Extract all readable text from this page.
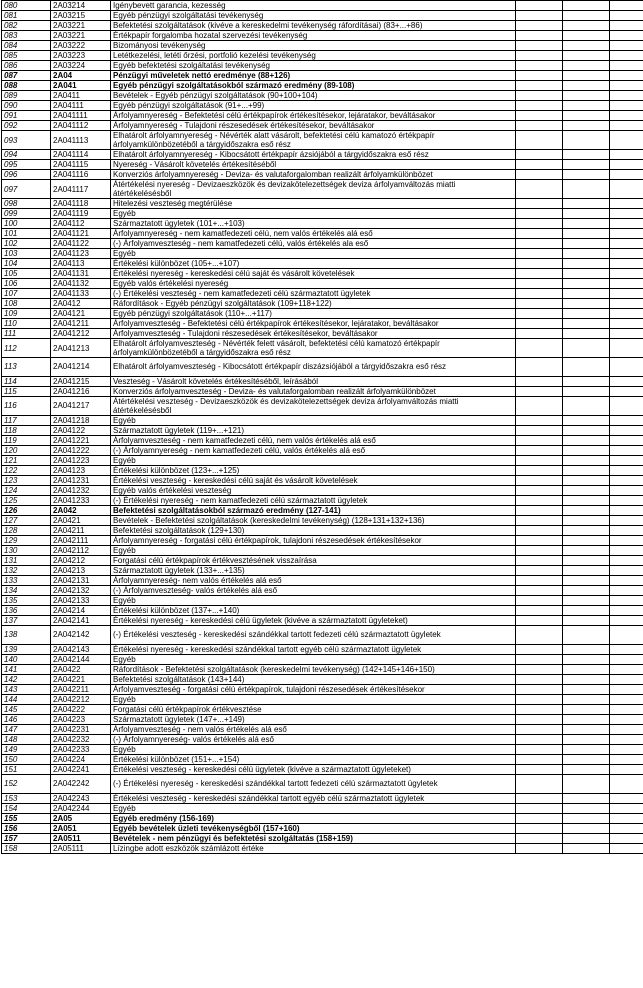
080	2A03214	Igénybevett garancia, kezesség			
081	2A03215	Egyéb pénzügyi szolgáltatási tevékenység			
082	2A03221	Befektetési szolgáltatások (kivéve a kereskedelmi tevékenység ráfordításai) (83+...+86)			
083	2A03221	Értékpapír forgalomba hozatal szervezési tevékenység			
084	2A03222	Bizományosi tevékenység			
085	2A03223	Letétkezelési, letéti őrzési, portfolió kezelési tevékenység			
086	2A03224	Egyéb befektetési szolgáltatási tevékenység			
087	2A04	Pénzügyi műveletek nettó eredménye (88+126)			
088	2A041	Egyéb pénzügyi szolgáltatásokból származó eredmény (89-108)			
089	2A0411	Bevételek - Egyéb pénzügyi szolgáltatások (90+100+104)			
090	2A04111	Egyéb pénzügyi szolgáltatások (91+...+99)			
091	2A041111	Árfolyamnyereség - Befektetési célú értékpapírok értékesítésekor, lejáratakor, beváltásakor			
092	2A041112	Árfolyamnyereség - Tulajdoni részesedések értékesítésekor, beváltásakor			
093	2A041113	Elhatárolt árfolyamnyereség - Névérték alatt vásárolt, befektetési célú kamatozó értékpapír árfolyamkülönbözetéből a tárgyidőszakra eső rész			
094	2A041114	Elhatárolt árfolyamnyereség - Kibocsátott értékpapír ázsiójából a tárgyidőszakra eső rész			
095	2A041115	Nyereség - Vásárolt követelés értékesítéséből			
096	2A041116	Konverziós árfolyamnyereség - Deviza- és valutaforgalomban realizált árfolyamkülönbözet			
097	2A041117	Átértékelési nyereség - Devizaeszközök és devizakötelezettségek deviza árfolyamváltozás miatti átértékelésésből			
098	2A041118	Hitelezési veszteség megtérülése			
099	2A041119	Egyéb			
100	2A04112	Származtatott ügyletek (101+...+103)			
101	2A041121	Árfolyamnyereség - nem kamatfedezeti célú, nem valós értékelés alá eső			
102	2A041122	(-) Árfolyamveszteség - nem kamatfedezeti célú, valós értékelés ala eső			
103	2A041123	Egyéb			
104	2A04113	Értékelési különbözet (105+...+107)			
105	2A041131	Értékelési nyereség - kereskedési célú saját és vásárolt követelések			
106	2A041132	Egyéb valós értékelési nyereség			
107	2A041133	(-) Értékelési veszteség - nem kamatfedezeti célú származtatott ügyletek			
108	2A0412	Ráfordítások - Egyéb pénzügyi szolgáltatások (109+118+122)			
109	2A04121	Egyéb pénzügyi szolgáltatások (110+...+117)			
110	2A041211	Árfolyamveszteség - Befektetési célú értékpapírok értékesítésekor, lejáratakor, beváltásakor			
111	2A041212	Árfolyamveszteség - Tulajdoni részesedések értékesítésekor, beváltásakor			
112	2A041213	Elhatárolt árfolyamveszteség - Névérték felett vásárolt, befektetési célú kamatozó értékpapír árfolyamkülönbözetéből a tárgyidőszakra eső rész			
113	2A041214	Elhatárolt árfolyamveszteség - Kibocsátott értékpapír diszázsiójából a tárgyidőszakra eső rész			
114	2A041215	Veszteség - Vásárolt követelés értékesítéséből, leírásából			
115	2A041216	Konverziós árfolyamveszteség - Deviza- és valutaforgalomban realizált árfolyamkülönbözet			
116	2A041217	Átértékelési veszteség - Devizaeszközök és devizakötelezettségek deviza árfolyamváltozás miatti átértékelésésből			
117	2A041218	Egyéb			
118	2A04122	Származtatott ügyletek (119+...+121)			
119	2A041221	Árfolyamveszteség - nem kamatfedezeti célú, nem valós értékelés alá eső			
120	2A041222	(-) Árfolyamnyereség - nem kamatfedezeti célú, valós értékelés alá eső			
121	2A041223	Egyéb			
122	2A04123	Értékelési különbözet (123+...+125)			
123	2A041231	Értékelési veszteség - kereskedési célú saját és vásárolt követelések			
124	2A041232	Egyéb valós értékelési veszteség			
125	2A041233	(-) Értékelési nyereség - nem kamatfedezeti célú származtatott ügyletek			
126	2A042	Befektetési szolgáltatásokból származó eredmény (127-141)			
127	2A0421	Bevételek - Befektetési szolgáltatások (kereskedelmi tevékenység) (128+131+132+136)			
128	2A04211	Befektetési szolgáltatások (129+130)			
129	2A042111	Árfolyamnyereség - forgatási célú értékpapírok, tulajdoni részesedések értékesítésekor			
130	2A042112	Egyéb			
131	2A04212	Forgatási célú értékpapírok értékvesztésének visszaírása			
132	2A04213	Származtatott ügyletek (133+...+135)			
133	2A042131	Árfolyamnyereség- nem valós értékelés alá eső			
134	2A042132	(-) Árfolyamveszteség- valós értékelés alá eső			
135	2A042133	Egyéb			
136	2A04214	Értékelési különbözet (137+...+140)			
137	2A042141	Értékelési nyereség - kereskedési célú ügyletek (kivéve a származtatott ügyleteket)			
138	2A042142	(-) Értékelési veszteség - kereskedési szándékkal tartott fedezeti célú származtatott ügyletek			
139	2A042143	Értékelési nyereség - kereskedési szándékkal tartott egyéb célú származtatott ügyletek			
140	2A042144	Egyéb			
141	2A0422	Ráfordítások - Befektetési szolgáltatások (kereskedelmi tevékenység) (142+145+146+150)			
142	2A04221	Befektetési szolgáltatások (143+144)			
143	2A042211	Árfolyamveszteség - forgatási célú értékpapírok, tulajdoni részesedések értékesítésekor			
144	2A042212	Egyéb			
145	2A04222	Forgatási célú értékpapírok értékvesztése			
146	2A04223	Származtatott ügyletek (147+...+149)			
147	2A042231	Árfolyamveszteség - nem valós értékelés alá eső			
148	2A042232	(-) Árfolyamnyereség- valós értékelés alá eső			
149	2A042233	Egyéb			
150	2A04224	Értékelési különbözet (151+...+154)			
151	2A042241	Értékelési veszteség - kereskedési célú ügyletek (kivéve a származtatott ügyleteket)			
152	2A042242	(-) Értékelési nyereség - kereskedési szándékkal tartott fedezeti célú származtatott ügyletek			
153	2A042243	Értékelési veszteség - kereskedési szándékkal tartott egyéb célú származtatott ügyletek			
154	2A042244	Egyéb			
155	2A05	Egyéb eredmény (156-169)			
156	2A051	Egyéb bevételek üzleti tevékenységből (157+160)			
157	2A0511	Bevételek - nem pénzügyi és befektetési szolgáltatás (158+159)			
158	2A05111	Lízingbe adott eszközök számlázott értéke			
